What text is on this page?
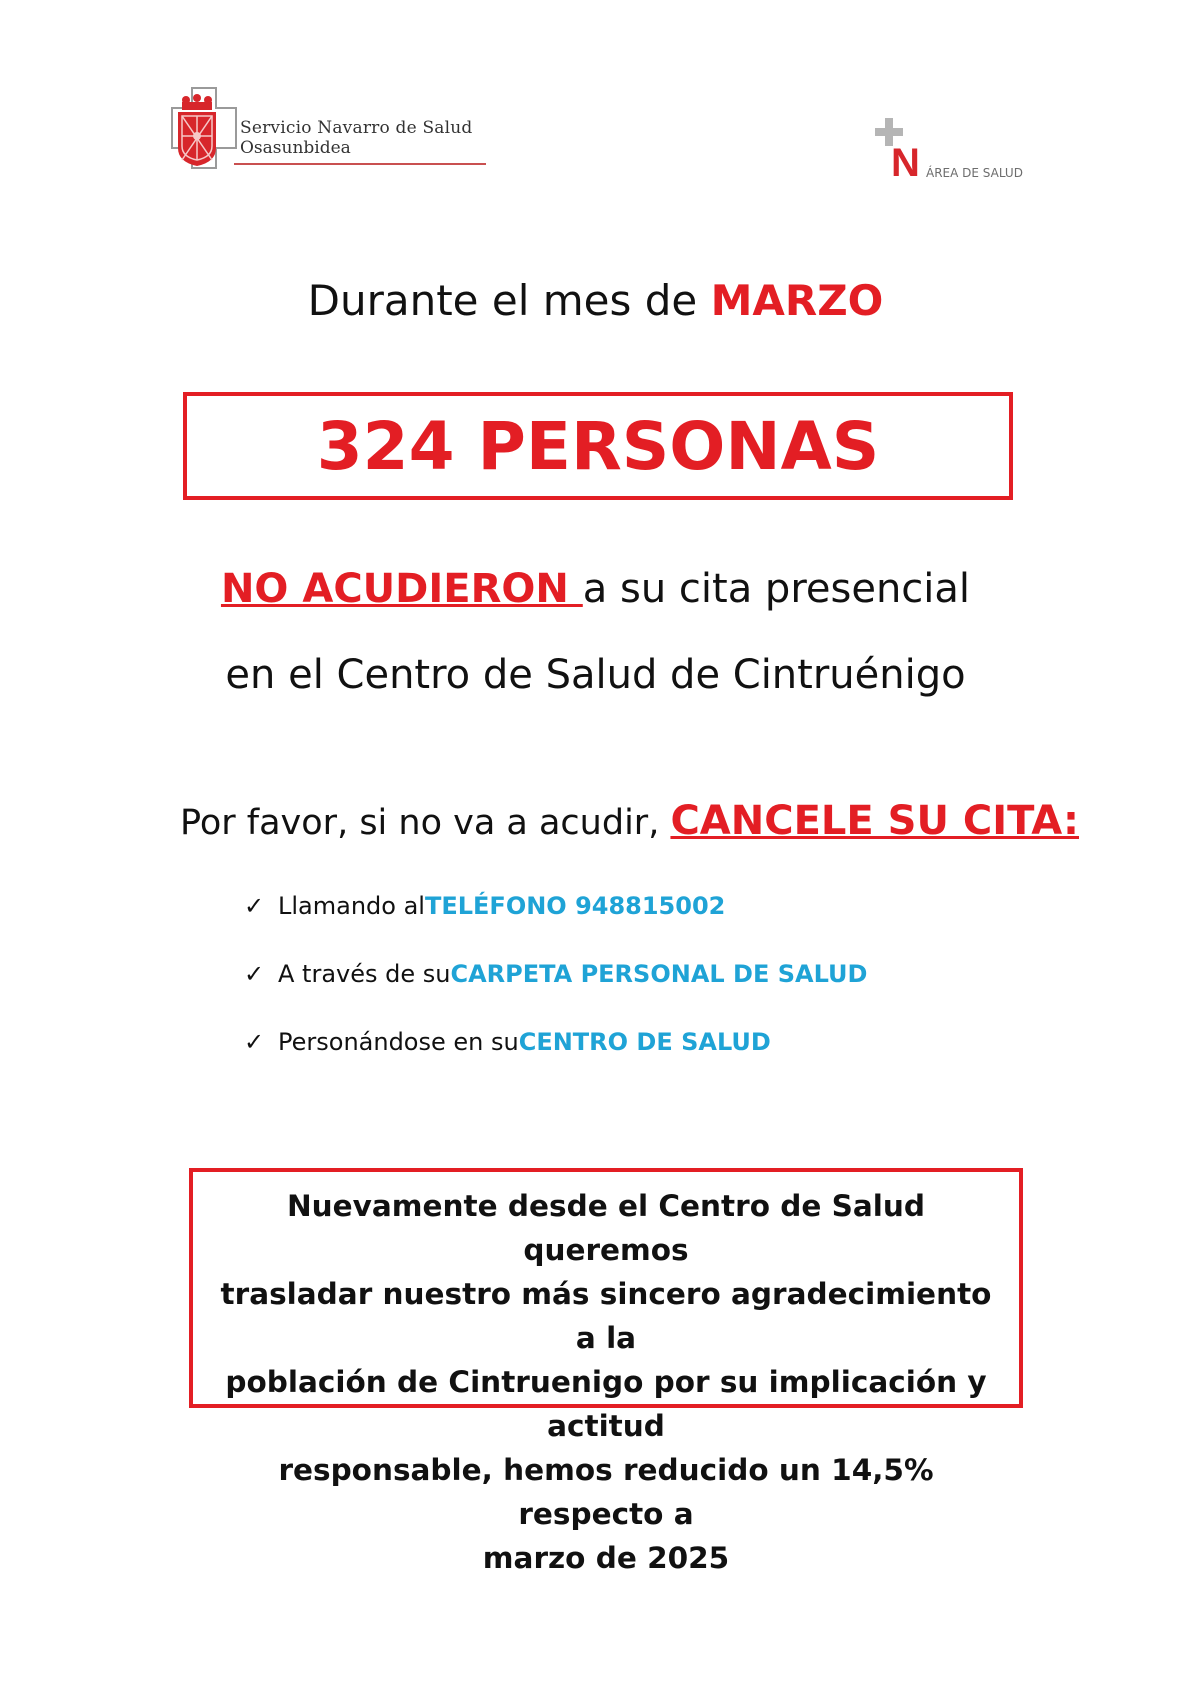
Servicio Navarro de Salud
Osasunbidea	N ÁREA DE SALUD
Durante el mes de MARZO
324 PERSONAS
NO ACUDIERON a su cita presencial
en el Centro de Salud de Cintruénigo
Por favor, si no va a acudir, CANCELE SU CITA:
✓ Llamando al TELÉFONO 948815002
✓ A través de su CARPETA PERSONAL DE SALUD
✓ Personándose en su CENTRO DE SALUD
Nuevamente desde el Centro de Salud queremos
trasladar nuestro más sincero agradecimiento a la
población de Cintruenigo por su implicación y actitud
responsable, hemos reducido un 14,5% respecto a
marzo de 2025
